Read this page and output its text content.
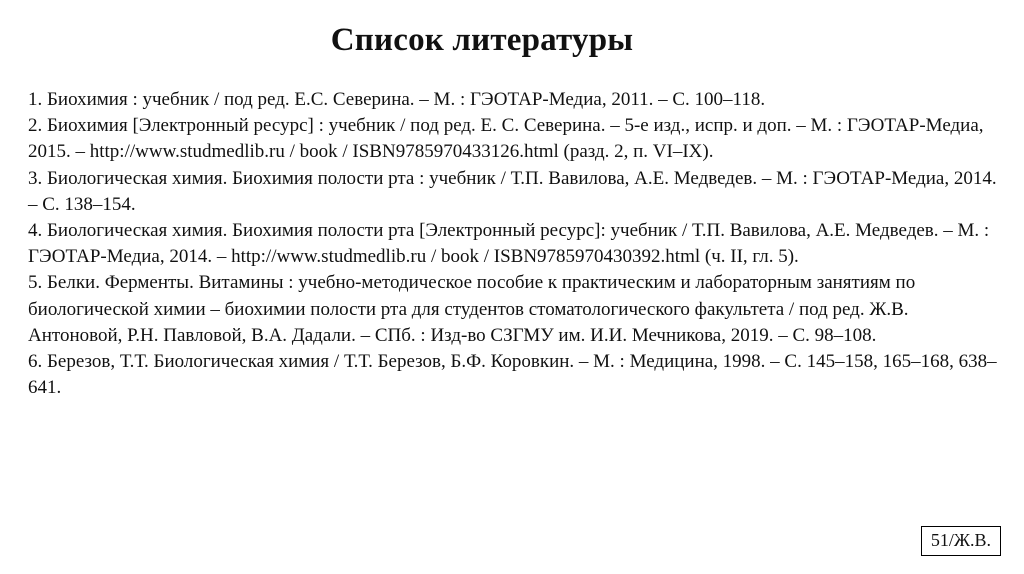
Список литературы
1. Биохимия : учебник / под ред. Е.С. Северина. – М. : ГЭОТАР-Медиа, 2011. – С. 100–118.
2. Биохимия [Электронный ресурс] : учебник / под ред. Е. С. Северина. – 5-е изд., испр. и доп. – М. : ГЭОТАР-Медиа, 2015. – http://www.studmedlib.ru / book / ISBN9785970433126.html (разд. 2, п. VI–IX).
3. Биологическая химия. Биохимия полости рта : учебник / Т.П. Вавилова, А.Е. Медведев. – М. : ГЭОТАР-Медиа, 2014. – С. 138–154.
4. Биологическая химия. Биохимия полости рта [Электронный ресурс]: учебник / Т.П. Вавилова, А.Е. Медведев. – М. : ГЭОТАР-Медиа, 2014. – http://www.studmedlib.ru / book / ISBN9785970430392.html (ч. II, гл. 5).
5. Белки. Ферменты. Витамины : учебно-методическое пособие к практическим и лабораторным занятиям по биологической химии – биохимии полости рта для студентов стоматологического факультета / под ред. Ж.В. Антоновой, Р.Н. Павловой, В.А. Дадали. – СПб. : Изд-во СЗГМУ им. И.И. Мечникова, 2019. – С. 98–108.
6. Березов, Т.Т. Биологическая химия / Т.Т. Березов, Б.Ф. Коровкин. – М. : Медицина, 1998. – С. 145–158, 165–168, 638–641.
51/Ж.В.
